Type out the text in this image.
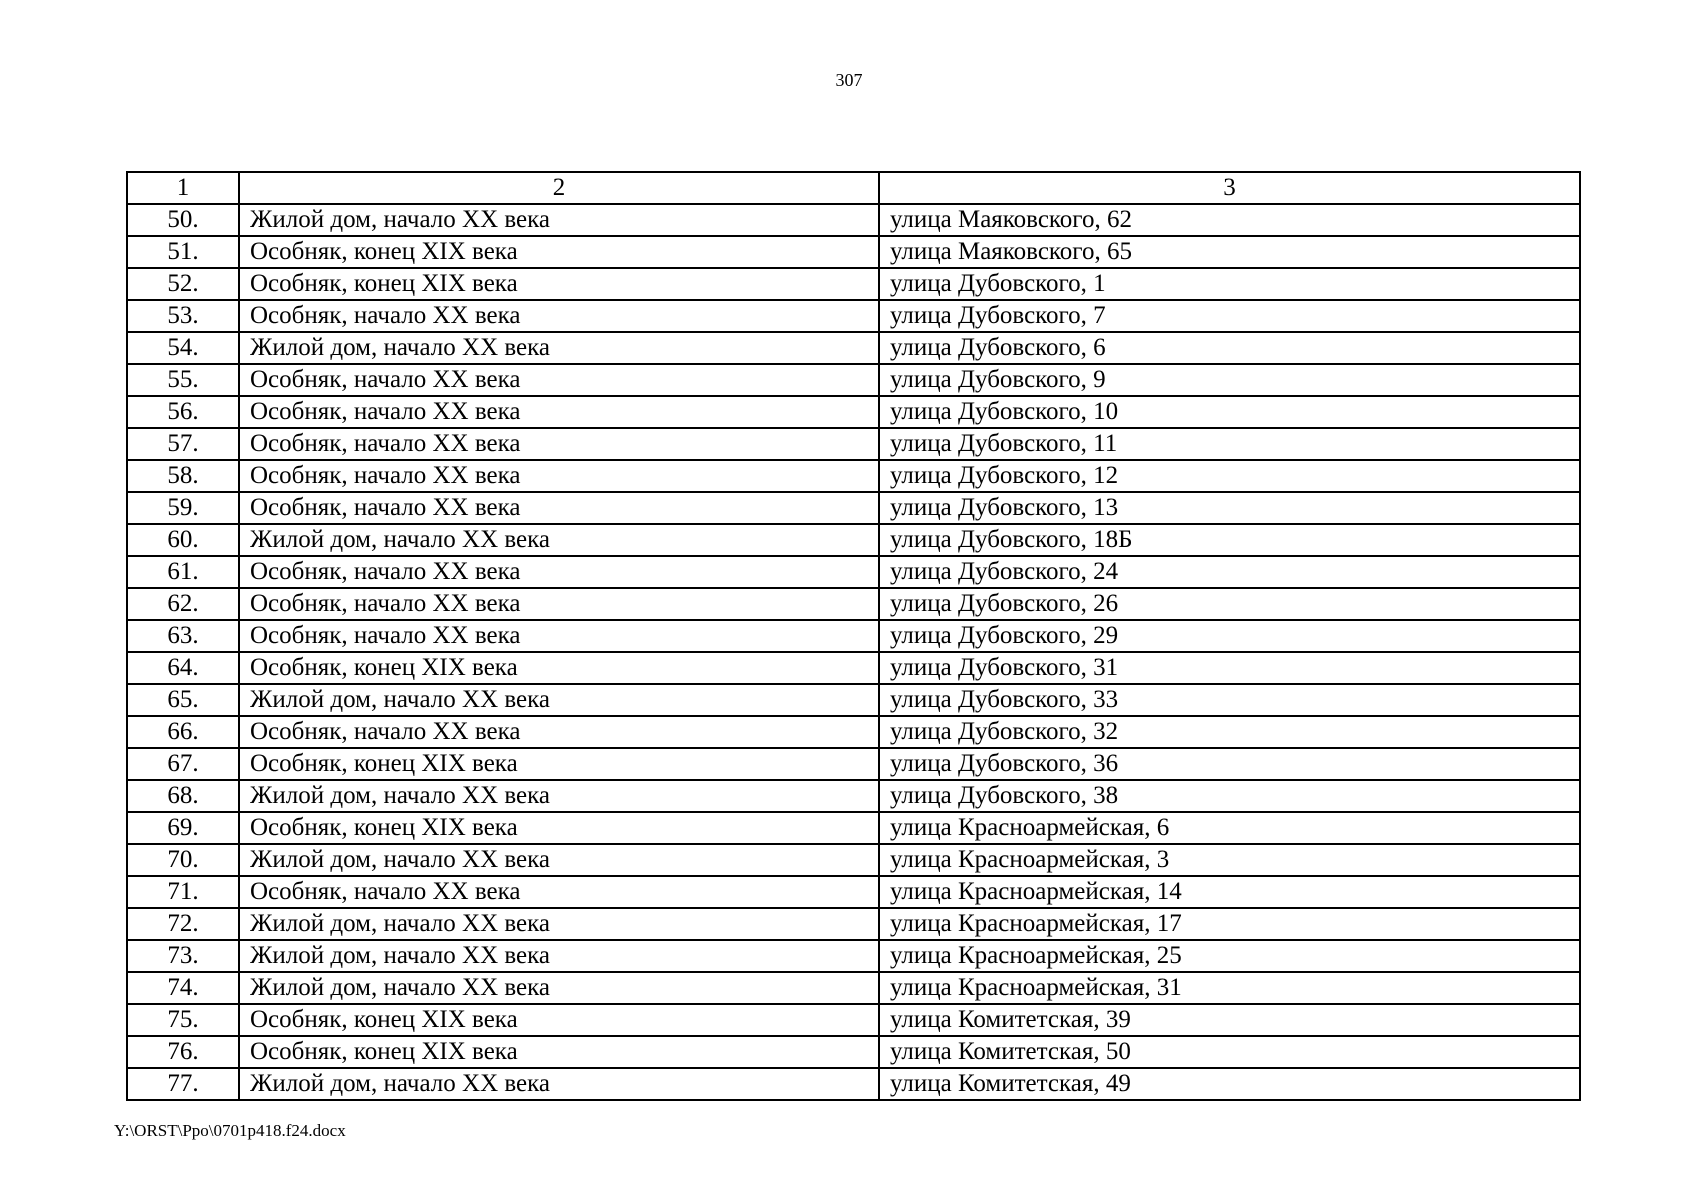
307
1	2	3
50.	Жилой дом, начало XX века	улица Маяковского, 62
51.	Особняк, конец XIX века	улица Маяковского, 65
52.	Особняк, конец XIX века	улица Дубовского, 1
53.	Особняк, начало XX века	улица Дубовского, 7
54.	Жилой дом, начало XX века	улица Дубовского, 6
55.	Особняк, начало XX века	улица Дубовского, 9
56.	Особняк, начало XX века	улица Дубовского, 10
57.	Особняк, начало XX века	улица Дубовского, 11
58.	Особняк, начало XX века	улица Дубовского, 12
59.	Особняк, начало XX века	улица Дубовского, 13
60.	Жилой дом, начало XX века	улица Дубовского, 18Б
61.	Особняк, начало XX века	улица Дубовского, 24
62.	Особняк, начало XX века	улица Дубовского, 26
63.	Особняк, начало XX века	улица Дубовского, 29
64.	Особняк, конец XIX века	улица Дубовского, 31
65.	Жилой дом, начало XX века	улица Дубовского, 33
66.	Особняк, начало XX века	улица Дубовского, 32
67.	Особняк, конец XIX века	улица Дубовского, 36
68.	Жилой дом, начало XX века	улица Дубовского, 38
69.	Особняк, конец XIX века	улица Красноармейская, 6
70.	Жилой дом, начало XX века	улица Красноармейская, 3
71.	Особняк, начало XX века	улица Красноармейская, 14
72.	Жилой дом, начало XX века	улица Красноармейская, 17
73.	Жилой дом, начало XX века	улица Красноармейская, 25
74.	Жилой дом, начало XX века	улица Красноармейская, 31
75.	Особняк, конец XIX века	улица Комитетская, 39
76.	Особняк, конец XIX века	улица Комитетская, 50
77.	Жилой дом, начало XX века	улица Комитетская, 49
Y:\ORST\Ppo\0701p418.f24.docx
